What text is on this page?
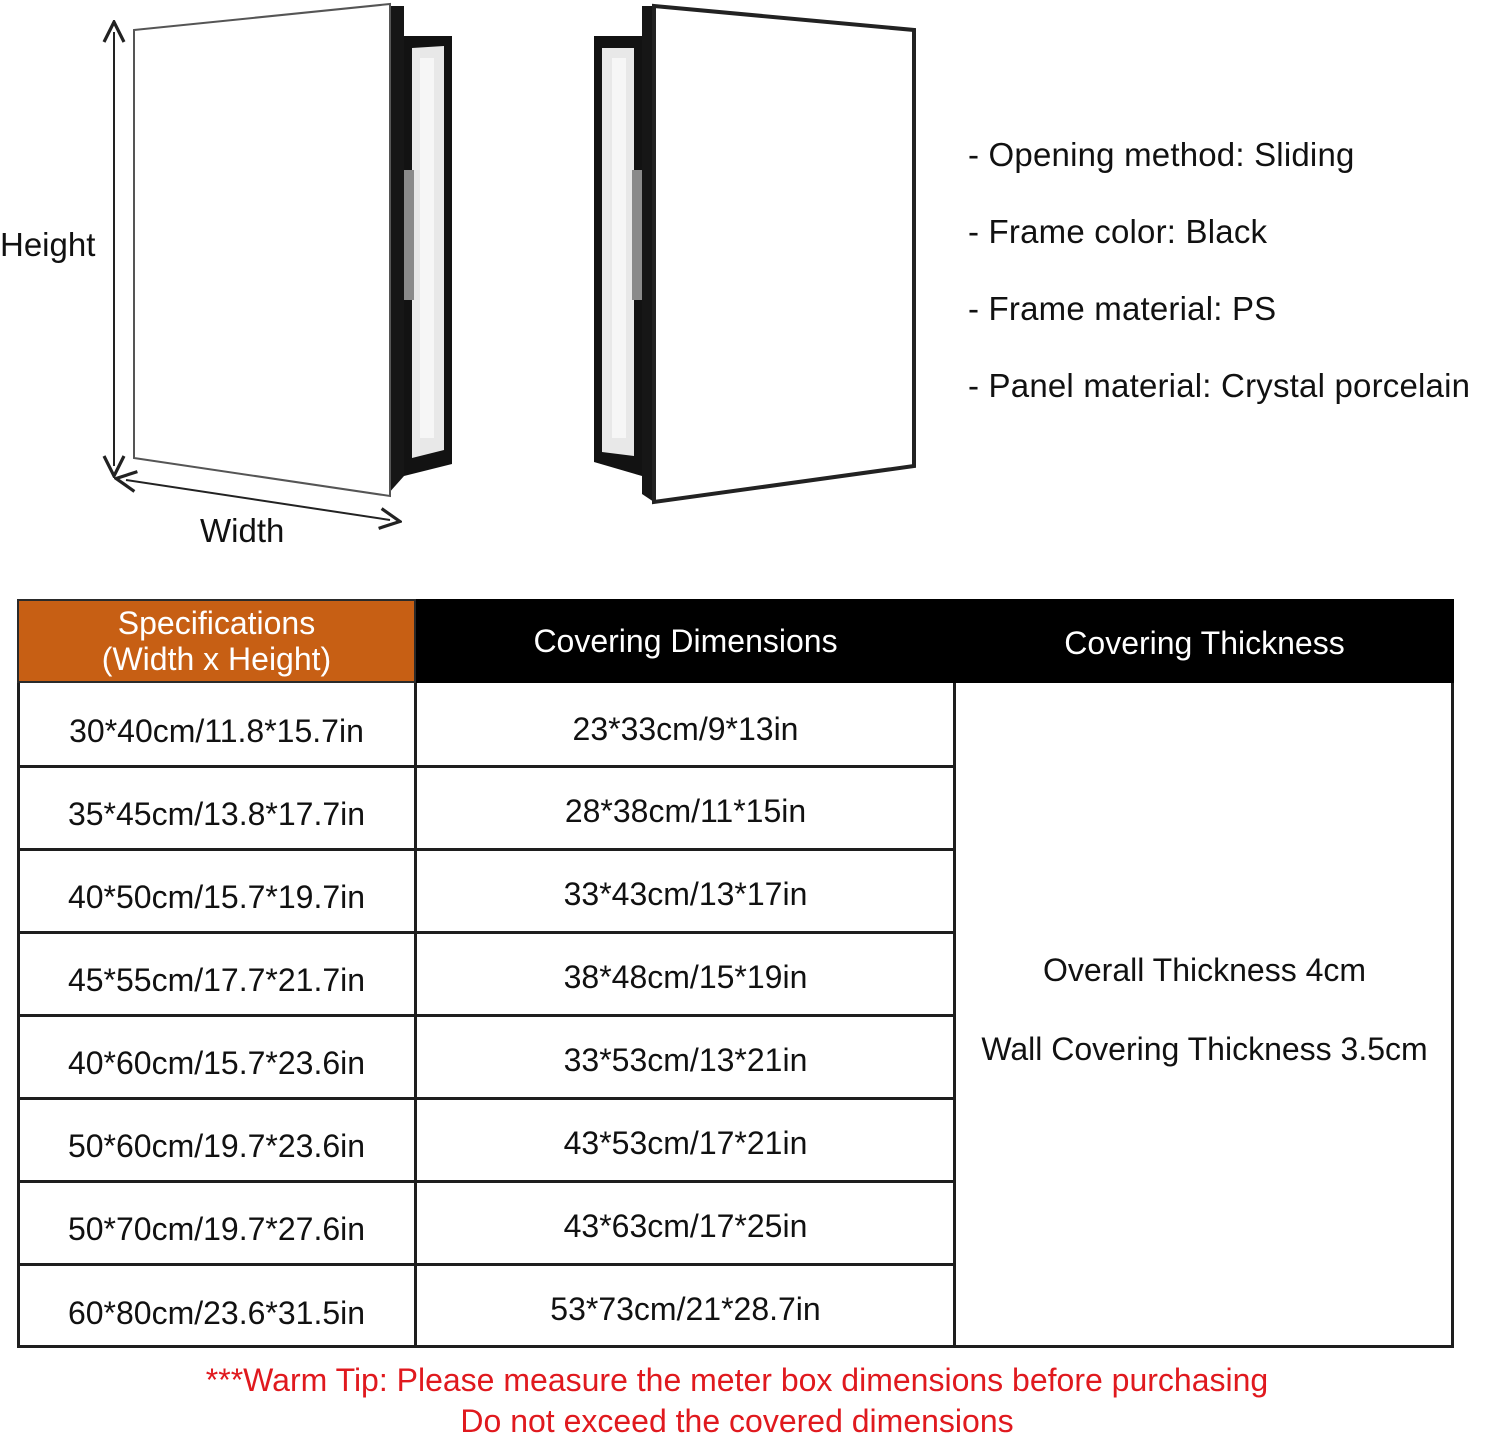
Height
Width
- Opening method: Sliding
- Frame color: Black
- Frame material: PS
- Panel material: Crystal porcelain
Specifications
(Width x Height)	Covering Dimensions	Covering Thickness
30*40cm/11.8*15.7in	23*33cm/9*13in
35*45cm/13.8*17.7in	28*38cm/11*15in
40*50cm/15.7*19.7in	33*43cm/13*17in
45*55cm/17.7*21.7in	38*48cm/15*19in
40*60cm/15.7*23.6in	33*53cm/13*21in
50*60cm/19.7*23.6in	43*53cm/17*21in
50*70cm/19.7*27.6in	43*63cm/17*25in
60*80cm/23.6*31.5in	53*73cm/21*28.7in
Overall Thickness 4cm
Wall Covering Thickness 3.5cm
***Warm Tip: Please measure the meter box dimensions before purchasing
Do not exceed the covered dimensions
